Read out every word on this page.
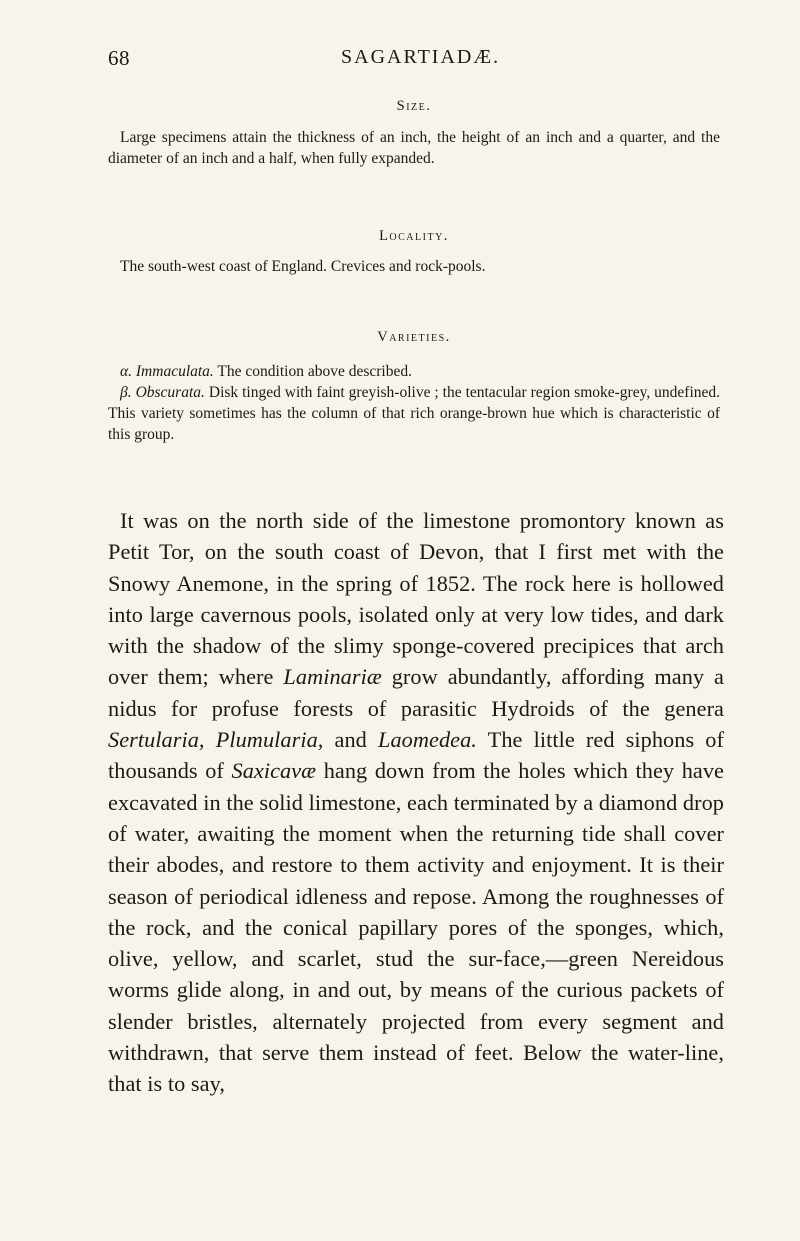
68	SAGARTIADÆ.
Size.
Large specimens attain the thickness of an inch, the height of an inch and a quarter, and the diameter of an inch and a half, when fully expanded.
Locality.
The south-west coast of England. Crevices and rock-pools.
Varieties.
α. Immaculata. The condition above described.
β. Obscurata. Disk tinged with faint greyish-olive ; the tentacular region smoke-grey, undefined. This variety sometimes has the column of that rich orange-brown hue which is characteristic of this group.
It was on the north side of the limestone promontory known as Petit Tor, on the south coast of Devon, that I first met with the Snowy Anemone, in the spring of 1852. The rock here is hollowed into large cavernous pools, isolated only at very low tides, and dark with the shadow of the slimy sponge-covered precipices that arch over them; where Laminariæ grow abundantly, affording many a nidus for profuse forests of parasitic Hydroids of the genera Sertularia, Plumularia, and Laomedea. The little red siphons of thousands of Saxicavæ hang down from the holes which they have excavated in the solid limestone, each terminated by a diamond drop of water, awaiting the moment when the returning tide shall cover their abodes, and restore to them activity and enjoyment. It is their season of periodical idleness and repose. Among the roughnesses of the rock, and the conical papillary pores of the sponges, which, olive, yellow, and scarlet, stud the sur-face,—green Nereidous worms glide along, in and out, by means of the curious packets of slender bristles, alternately projected from every segment and withdrawn, that serve them instead of feet. Below the water-line, that is to say,
